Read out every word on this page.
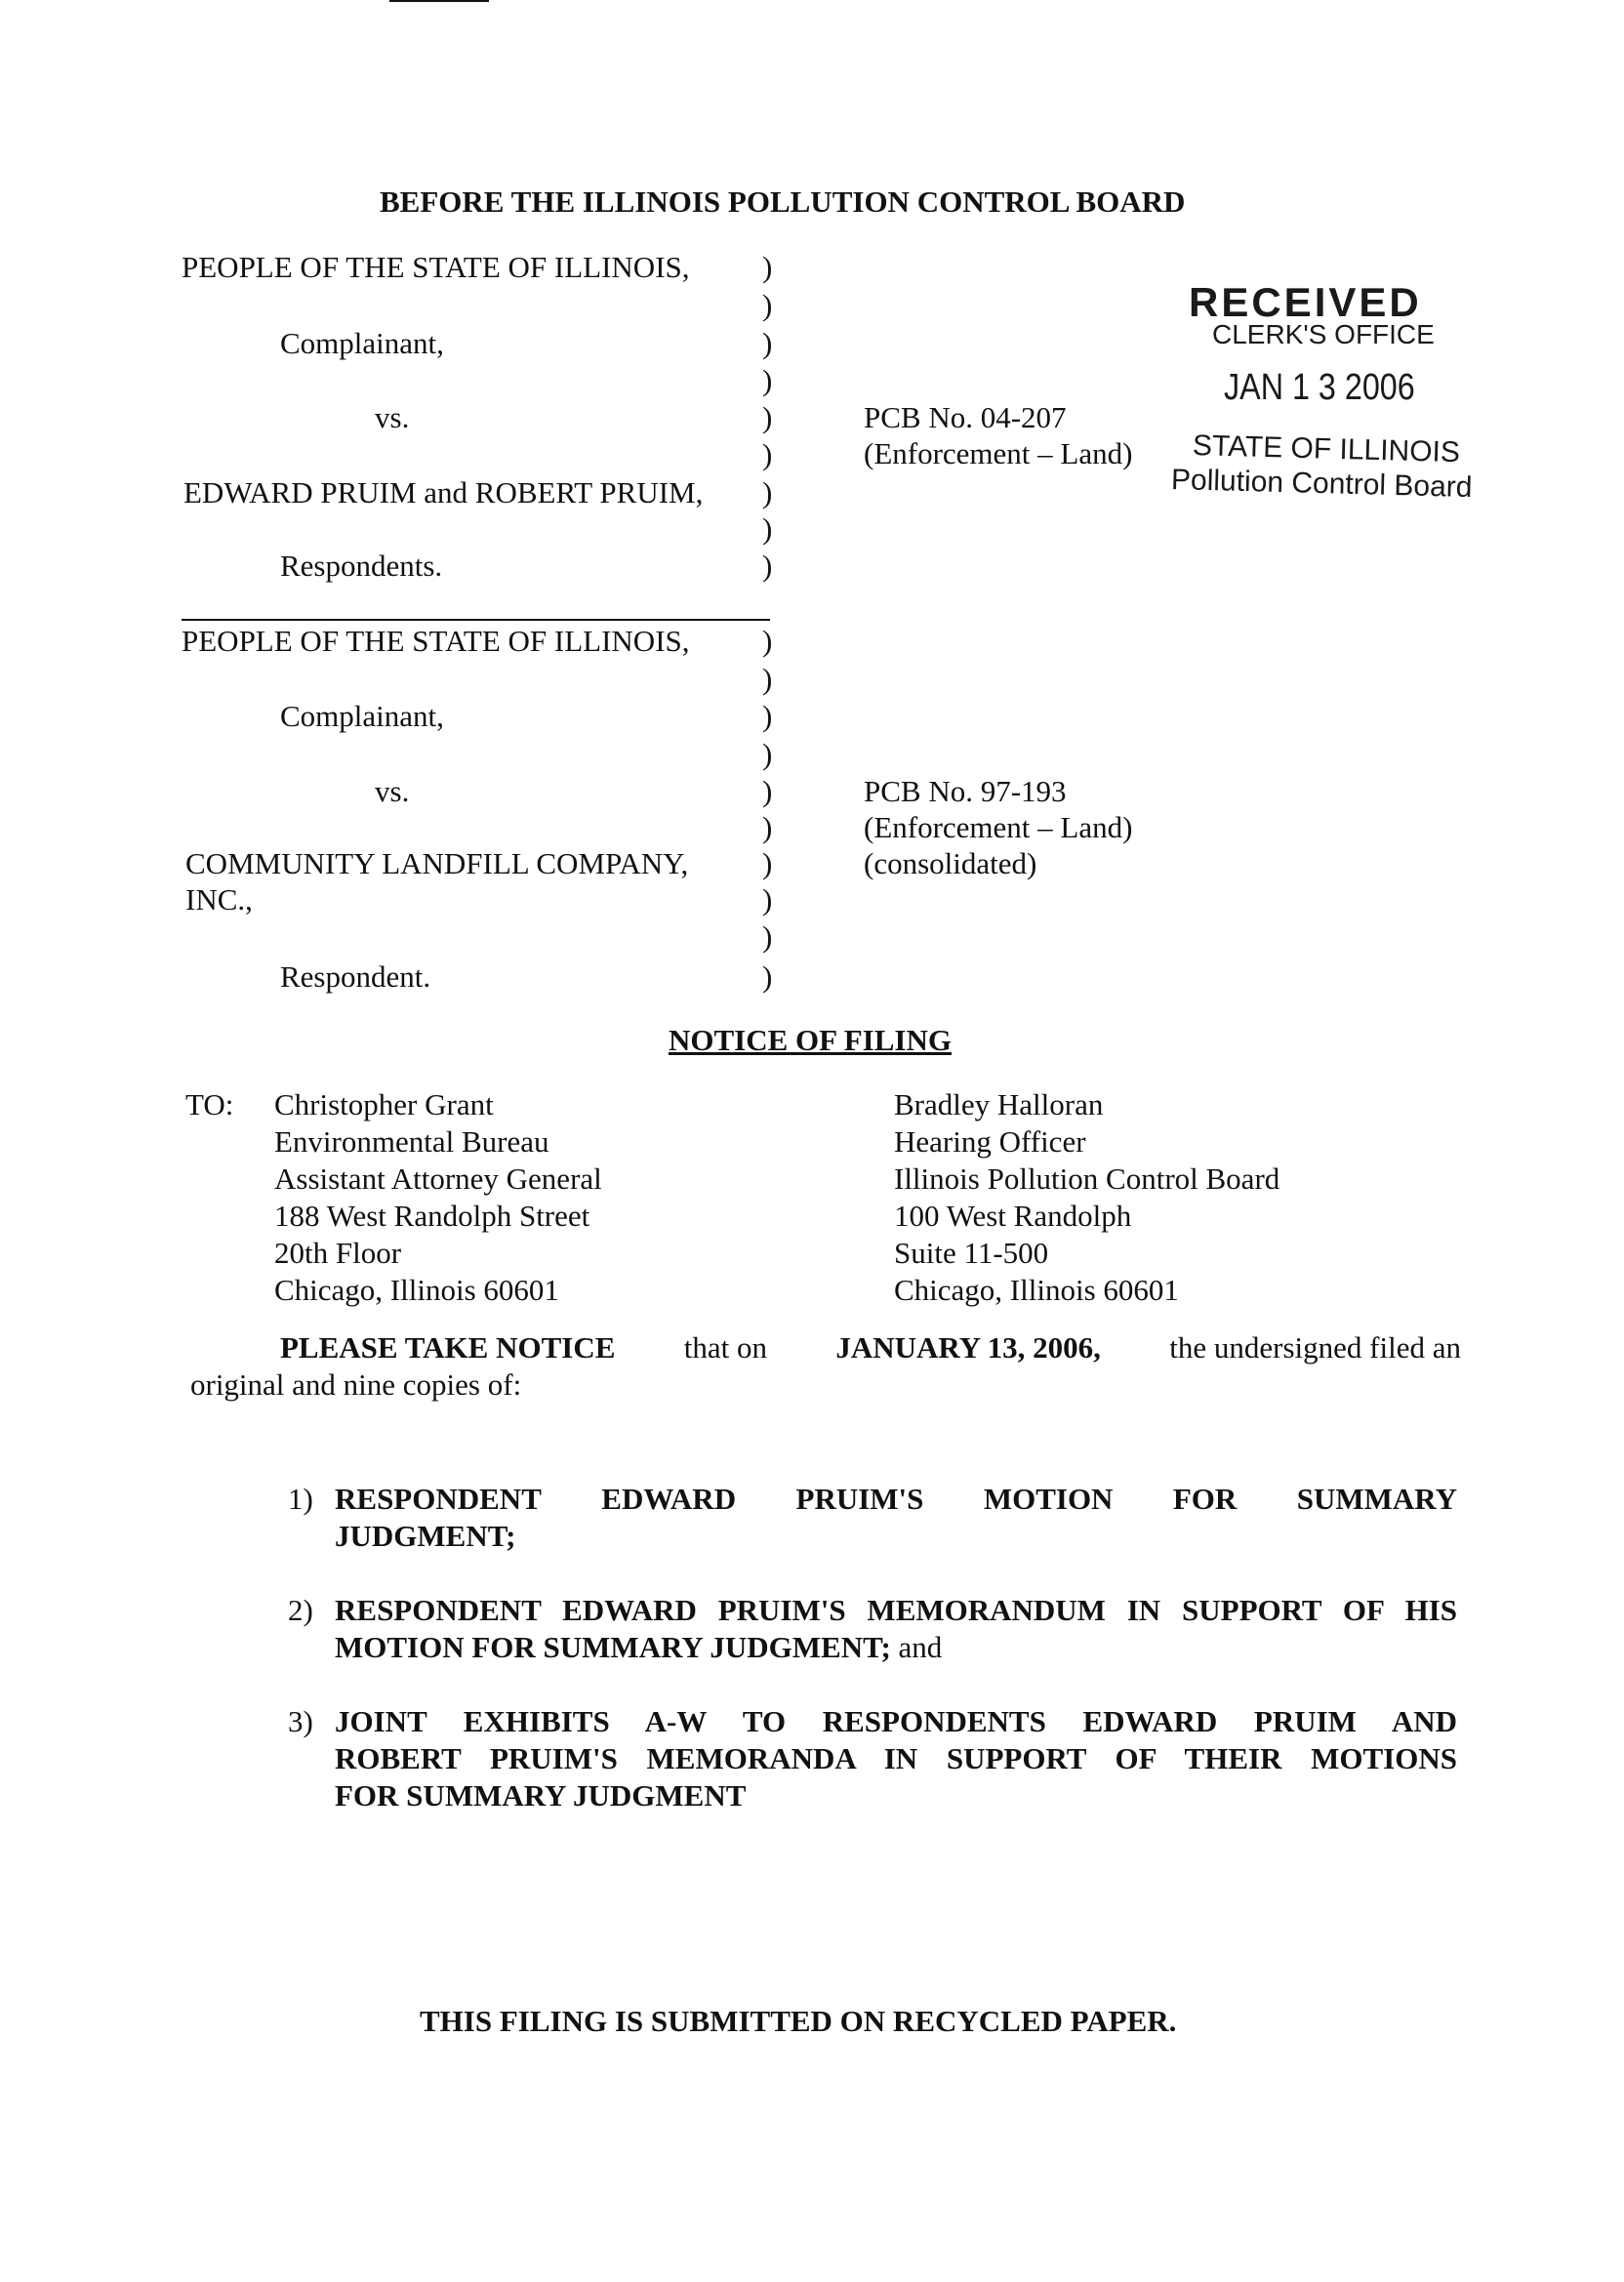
BEFORE THE ILLINOIS POLLUTION CONTROL BOARD
PEOPLE OF THE STATE OF ILLINOIS,
Complainant,
vs.
EDWARD PRUIM and ROBERT PRUIM,
Respondents.
PCB No. 04-207
(Enforcement – Land)
)
)
)
)
)
)
)
)
)
PEOPLE OF THE STATE OF ILLINOIS,
Complainant,
vs.
COMMUNITY LANDFILL COMPANY,
INC.,
Respondent.
PCB No. 97-193
(Enforcement – Land)
(consolidated)
)
)
)
)
)
)
)
)
)
)
RECEIVED
CLERK'S OFFICE
JAN 1 3 2006
STATE OF ILLINOIS
Pollution Control Board
NOTICE OF FILING
TO: Christopher Grant
Environmental Bureau
Assistant Attorney General
188 West Randolph Street
20th Floor
Chicago, Illinois 60601
Bradley Halloran
Hearing Officer
Illinois Pollution Control Board
100 West Randolph
Suite 11-500
Chicago, Illinois 60601
PLEASE TAKE NOTICE that on JANUARY 13, 2006, the undersigned filed an
original and nine copies of:
1) RESPONDENT EDWARD PRUIM'S MOTION FOR SUMMARY
JUDGMENT;
2) RESPONDENT EDWARD PRUIM'S MEMORANDUM IN SUPPORT OF HIS
MOTION FOR SUMMARY JUDGMENT; and
3) JOINT EXHIBITS A-W TO RESPONDENTS EDWARD PRUIM AND
ROBERT PRUIM'S MEMORANDA IN SUPPORT OF THEIR MOTIONS
FOR SUMMARY JUDGMENT
THIS FILING IS SUBMITTED ON RECYCLED PAPER.
